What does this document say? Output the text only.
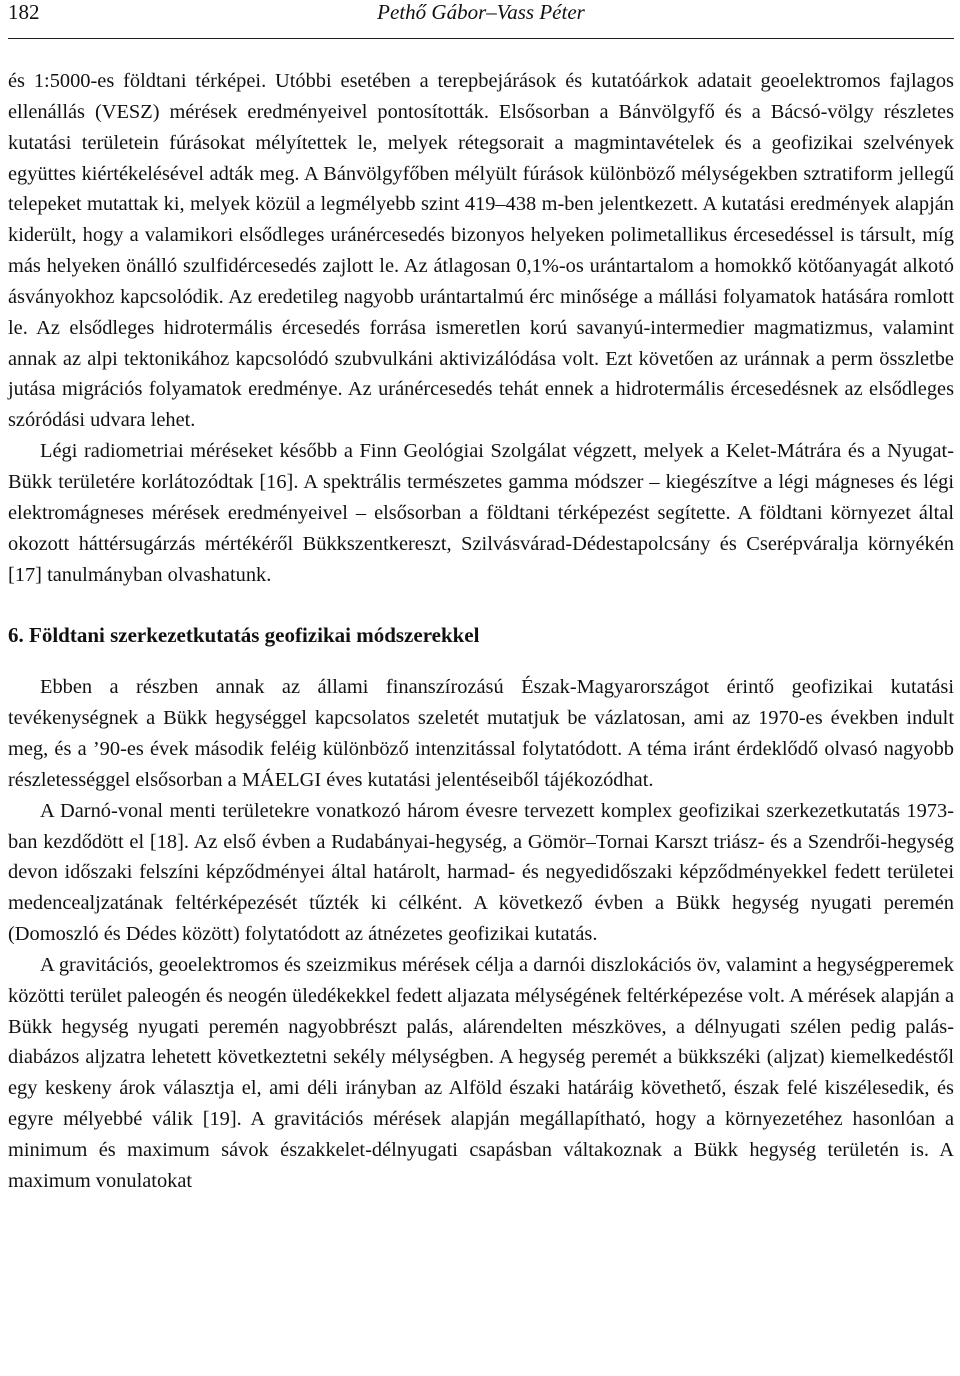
182	Pethő Gábor–Vass Péter

és 1:5000-es földtani térképei. Utóbbi esetében a terepbejárások és kutatóárkok adatait geoelektromos fajlagos ellenállás (VESZ) mérések eredményeivel pontosították. Elsősorban a Bánvölgyfő és a Bácsó-völgy részletes kutatási területein fúrásokat mélyítettek le, melyek rétegsorait a magmintavételek és a geofizikai szelvények együttes kiértékelésével adták meg. A Bánvölgyfőben mélyült fúrások különböző mélységekben sztratiform jellegű telepeket mutattak ki, melyek közül a legmélyebb szint 419–438 m-ben jelentkezett. A kutatási eredmények alapján kiderült, hogy a valamikori elsődleges uránércesedés bizonyos helyeken polimetallikus ércesedéssel is társult, míg más helyeken önálló szulfidércesedés zajlott le. Az átlagosan 0,1%-os urántartalom a homokkő kötőanyagát alkotó ásványokhoz kapcsolódik. Az eredetileg nagyobb urántartalmú érc minősége a mállási folyamatok hatására romlott le. Az elsődleges hidrotermális ércesedés forrása ismeretlen korú savanyú-intermedier magmatizmus, valamint annak az alpi tektonikához kapcsolódó szubvulkáni aktivizálódása volt. Ezt követően az uránnak a perm összletbe jutása migrációs folyamatok eredménye. Az uránércesedés tehát ennek a hidrotermális ércesedésnek az elsődleges szóródási udvara lehet.

Légi radiometriai méréseket később a Finn Geológiai Szolgálat végzett, melyek a Kelet-Mátrára és a Nyugat-Bükk területére korlátozódtak [16]. A spektrális természetes gamma módszer – kiegészítve a légi mágneses és légi elektromágneses mérések eredményeivel – elsősorban a földtani térképezést segítette. A földtani környezet által okozott háttérsugárzás mértékéről Bükkszentkereszt, Szilvásvárad-Dédestapolcsány és Cserépváralja környékén [17] tanulmányban olvashatunk.

6. Földtani szerkezetkutatás geofizikai módszerekkel

Ebben a részben annak az állami finanszírozású Észak-Magyarországot érintő geofizikai kutatási tevékenységnek a Bükk hegységgel kapcsolatos szeletét mutatjuk be vázlatosan, ami az 1970-es években indult meg, és a ’90-es évek második feléig különböző intenzitással folytatódott. A téma iránt érdeklődő olvasó nagyobb részletességgel elsősorban a MÁELGI éves kutatási jelentéseiből tájékozódhat.

A Darnó-vonal menti területekre vonatkozó három évesre tervezett komplex geofizikai szerkezetkutatás 1973-ban kezdődött el [18]. Az első évben a Rudabányai-hegység, a Gömör–Tornai Karszt triász- és a Szendrői-hegység devon időszaki felszíni képződményei által határolt, harmad- és negyedidőszaki képződményekkel fedett területei medencealjzatának feltérképezését tűzték ki célként. A következő évben a Bükk hegység nyugati peremén (Domoszló és Dédes között) folytatódott az átnézetes geofizikai kutatás.

A gravitációs, geoelektromos és szeizmikus mérések célja a darnói diszlokációs öv, valamint a hegységperemek közötti terület paleogén és neogén üledékekkel fedett aljazata mélységének feltérképezése volt. A mérések alapján a Bükk hegység nyugati peremén nagyobbrészt palás, alárendelten mészköves, a délnyugati szélen pedig palás-diabázos aljzatra lehetett következtetni sekély mélységben. A hegység peremét a bükkszéki (aljzat) kiemelkedéstől egy keskeny árok választja el, ami déli irányban az Alföld északi határáig követhető, észak felé kiszélesedik, és egyre mélyebbé válik [19]. A gravitációs mérések alapján megállapítható, hogy a környezetéhez hasonlóan a minimum és maximum sávok északkelet-délnyugati csapásban váltakoznak a Bükk hegység területén is. A maximum vonulatokat
